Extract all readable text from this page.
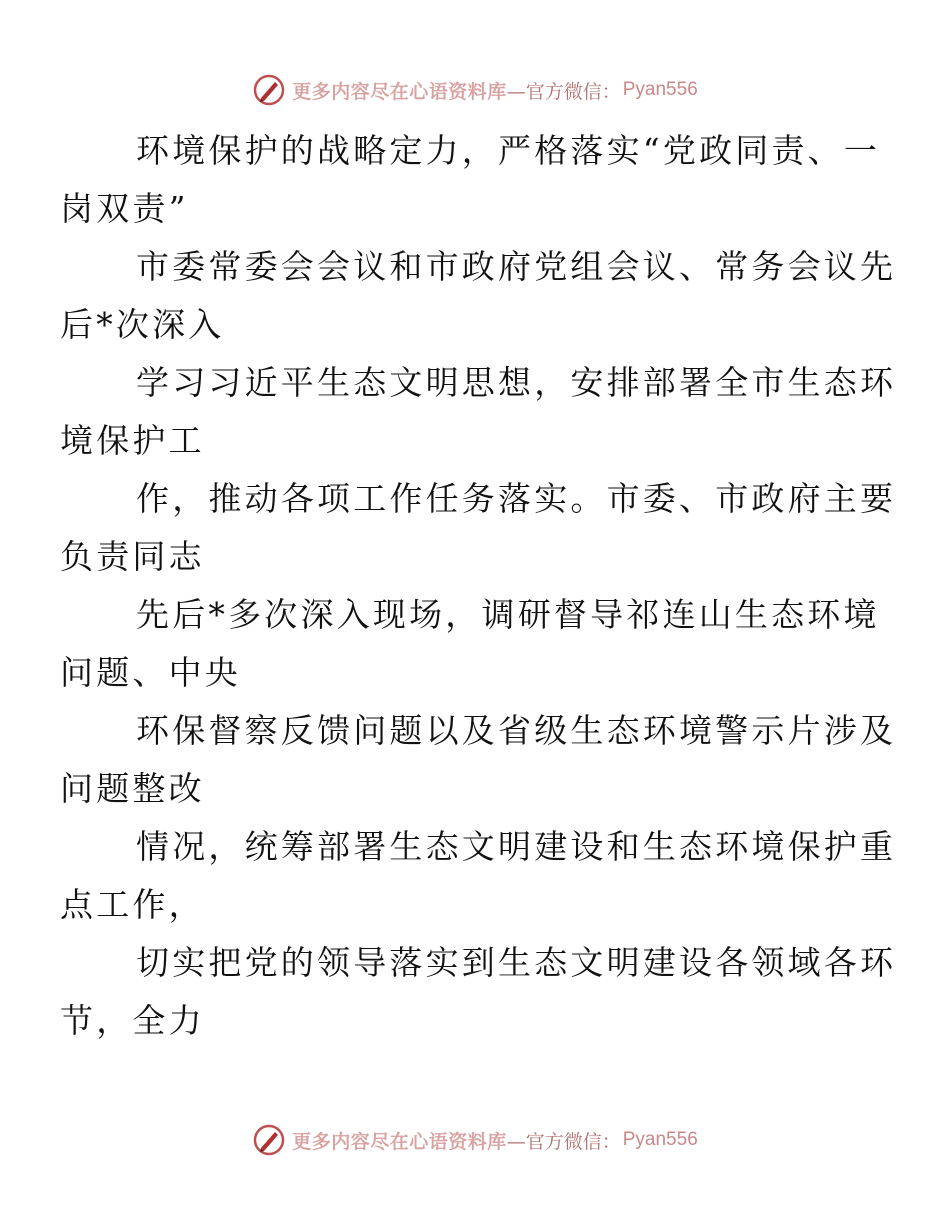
更多内容尽在心语资料库 —官方微信： Pyan556

环境保护的战略定力，严格落实“党政同责、一
岗双责”

市委常委会会议和市政府党组会议、常务会议先
后*次深入

学习习近平生态文明思想，安排部署全市生态环
境保护工

作，推动各项工作任务落实。市委、市政府主要
负责同志

先后*多次深入现场，调研督导祁连山生态环境
问题、中央

环保督察反馈问题以及省级生态环境警示片涉及
问题整改

情况，统筹部署生态文明建设和生态环境保护重
点工作，

切实把党的领导落实到生态文明建设各领域各环
节，全力

更多内容尽在心语资料库 —官方微信： Pyan556
